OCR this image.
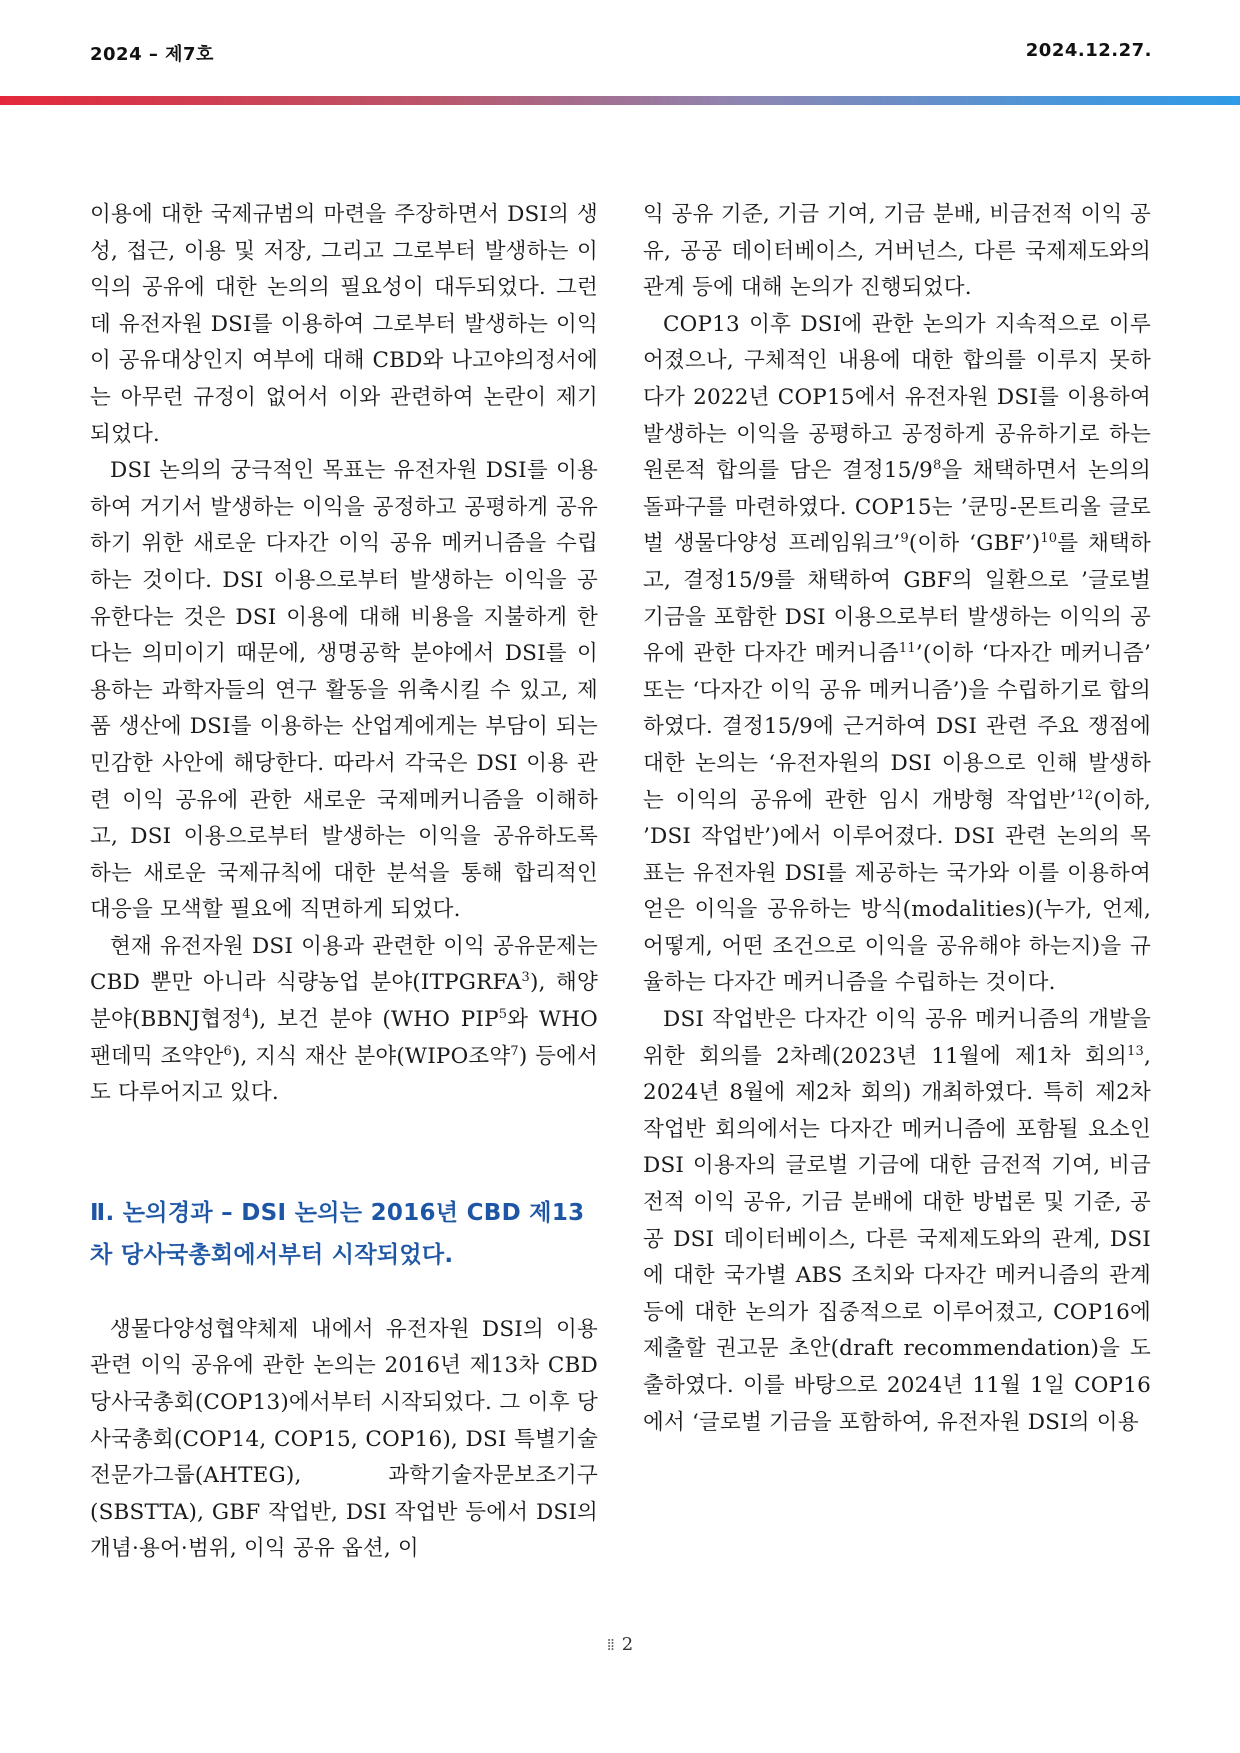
2024 – 제7호	2024.12.27.

이용에 대한 국제규범의 마련을 주장하면서 DSI의 생성, 접근, 이용 및 저장, 그리고 그로부터 발생하는 이익의 공유에 대한 논의의 필요성이 대두되었다. 그런데 유전자원 DSI를 이용하여 그로부터 발생하는 이익이 공유대상인지 여부에 대해 CBD와 나고야의정서에는 아무런 규정이 없어서 이와 관련하여 논란이 제기되었다.

DSI 논의의 궁극적인 목표는 유전자원 DSI를 이용하여 거기서 발생하는 이익을 공정하고 공평하게 공유하기 위한 새로운 다자간 이익 공유 메커니즘을 수립하는 것이다. DSI 이용으로부터 발생하는 이익을 공유한다는 것은 DSI 이용에 대해 비용을 지불하게 한다는 의미이기 때문에, 생명공학 분야에서 DSI를 이용하는 과학자들의 연구 활동을 위축시킬 수 있고, 제품 생산에 DSI를 이용하는 산업계에게는 부담이 되는 민감한 사안에 해당한다. 따라서 각국은 DSI 이용 관련 이익 공유에 관한 새로운 국제메커니즘을 이해하고, DSI 이용으로부터 발생하는 이익을 공유하도록 하는 새로운 국제규칙에 대한 분석을 통해 합리적인 대응을 모색할 필요에 직면하게 되었다.

현재 유전자원 DSI 이용과 관련한 이익 공유문제는 CBD 뿐만 아니라 식량농업 분야(ITPGRFA$^3$), 해양 분야(BBNJ협정$^4$), 보건 분야 (WHO PIP$^5$와 WHO 팬데믹 조약안$^6$), 지식 재산 분야(WIPO조약$^7$) 등에서도 다루어지고 있다.

Ⅱ. 논의경과 – DSI 논의는 2016년 CBD 제13차 당사국총회에서부터 시작되었다.

생물다양성협약체제 내에서 유전자원 DSI의 이용 관련 이익 공유에 관한 논의는 2016년 제13차 CBD 당사국총회(COP13)에서부터 시작되었다. 그 이후 당사국총회(COP14, COP15, COP16), DSI 특별기술전문가그룹(AHTEG), 과학기술자문보조기구(SBSTTA), GBF 작업반, DSI 작업반 등에서 DSI의 개념·용어·범위, 이익 공유 옵션, 이

익 공유 기준, 기금 기여, 기금 분배, 비금전적 이익 공유, 공공 데이터베이스, 거버넌스, 다른 국제제도와의 관계 등에 대해 논의가 진행되었다.

COP13 이후 DSI에 관한 논의가 지속적으로 이루어졌으나, 구체적인 내용에 대한 합의를 이루지 못하다가 2022년 COP15에서 유전자원 DSI를 이용하여 발생하는 이익을 공평하고 공정하게 공유하기로 하는 원론적 합의를 담은 결정$15/9^8$을 채택하면서 논의의 돌파구를 마련하였다. COP15는 ’쿤밍-몬트리올 글로벌 생물다양성 프레임워크’$^9$(이하 ‘GBF’)$^{10}$를 채택하고, 결정15/9를 채택하여 GBF의 일환으로 ’글로벌 기금을 포함한 DSI 이용으로부터 발생하는 이익의 공유에 관한 다자간 메커니즘$^{11}$’(이하 ‘다자간 메커니즘’ 또는 ‘다자간 이익 공유 메커니즘’)을 수립하기로 합의하였다. 결정15/9에 근거하여 DSI 관련 주요 쟁점에 대한 논의는 ‘유전자원의 DSI 이용으로 인해 발생하는 이익의 공유에 관한 임시 개방형 작업반’$^{12}$(이하, ’DSI 작업반’)에서 이루어졌다. DSI 관련 논의의 목표는 유전자원 DSI를 제공하는 국가와 이를 이용하여 얻은 이익을 공유하는 방식(modalities)(누가, 언제, 어떻게, 어떤 조건으로 이익을 공유해야 하는지)을 규율하는 다자간 메커니즘을 수립하는 것이다.

DSI 작업반은 다자간 이익 공유 메커니즘의 개발을 위한 회의를 2차례(2023년 11월에 제1차 회의$^{13}$, 2024년 8월에 제2차 회의) 개최하였다. 특히 제2차 작업반 회의에서는 다자간 메커니즘에 포함될 요소인 DSI 이용자의 글로벌 기금에 대한 금전적 기여, 비금전적 이익 공유, 기금 분배에 대한 방법론 및 기준, 공공 DSI 데이터베이스, 다른 국제제도와의 관계, DSI에 대한 국가별 ABS 조치와 다자간 메커니즘의 관계 등에 대한 논의가 집중적으로 이루어졌고, COP16에 제출할 권고문 초안(draft recommendation)을 도출하였다. 이를 바탕으로 2024년 11월 1일 COP16에서 ‘글로벌 기금을 포함하여, 유전자원 DSI의 이용

⁞⁞ 2
